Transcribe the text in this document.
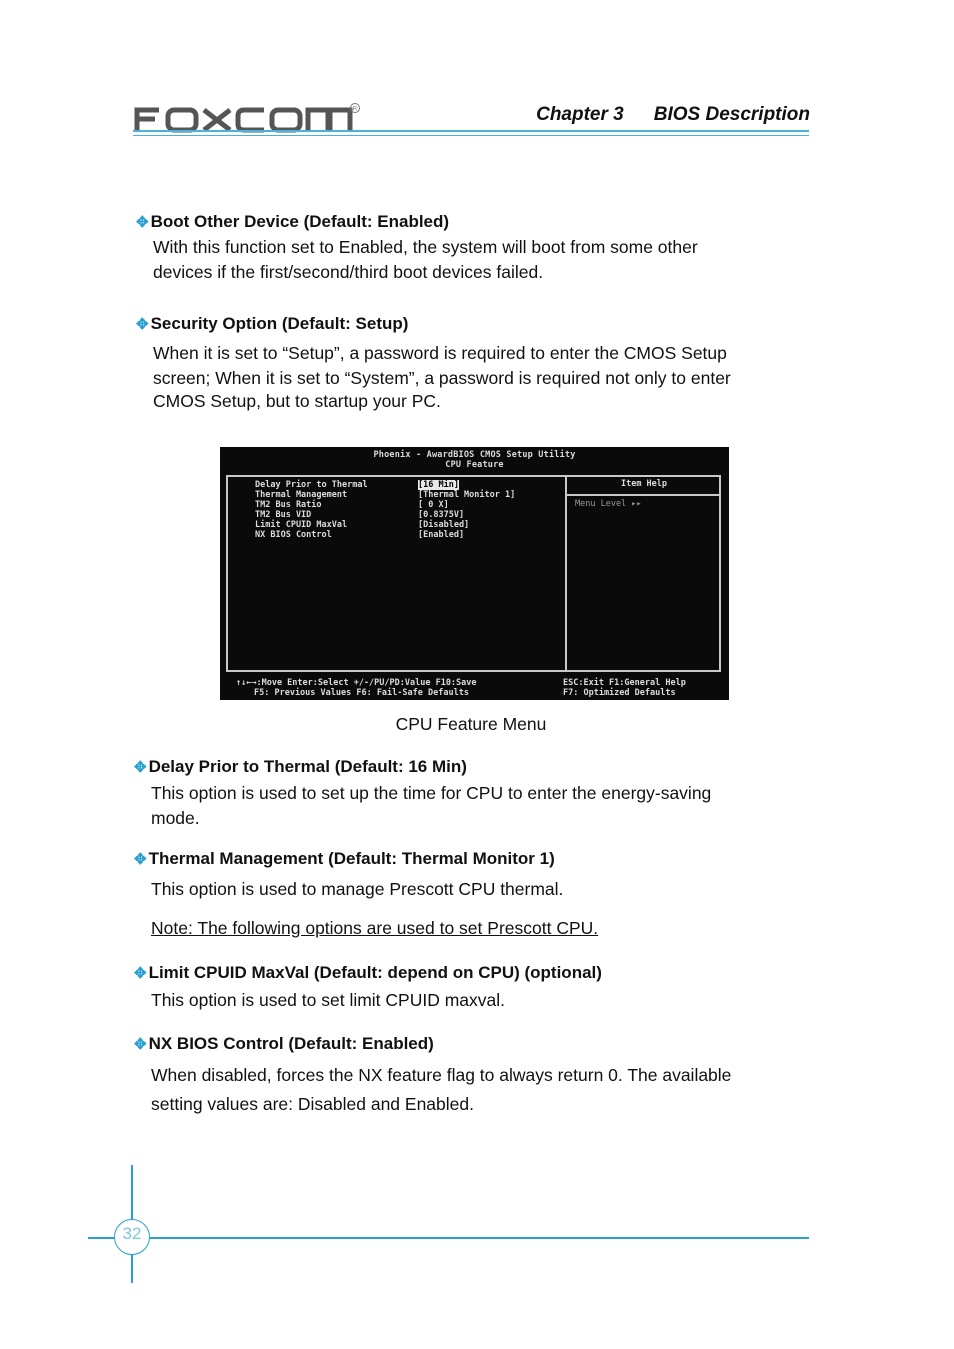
R	Chapter 3 BIOS Description
✥ Boot Other Device (Default: Enabled)
With this function set to Enabled, the system will boot from some other
devices if the first/second/third boot devices failed.
✥ Security Option (Default: Setup)
When it is set to “Setup”, a password is required to enter the CMOS Setup
screen; When it is set to “System”, a password is required not only to enter
CMOS Setup, but to startup your PC.
Phoenix - AwardBIOS CMOS Setup Utility
CPU Feature
Item Help
Menu Level ▸▸
Delay Prior to Thermal	[16 Min]
Thermal Management	[Thermal Monitor 1]
TM2 Bus Ratio	[ 0 X]
TM2 Bus VID	[0.8375V]
Limit CPUID MaxVal	[Disabled]
NX BIOS Control	[Enabled]
↑↓←→:Move Enter:Select +/-/PU/PD:Value F10:Save	ESC:Exit F1:General Help
F5: Previous Values F6: Fail-Safe Defaults	F7: Optimized Defaults
CPU Feature Menu
✥ Delay Prior to Thermal (Default: 16 Min)
This option is used to set up the time for CPU to enter the energy-saving
mode.
✥ Thermal Management (Default: Thermal Monitor 1)
This option is used to manage Prescott CPU thermal.
Note: The following options are used to set Prescott CPU.
✥ Limit CPUID MaxVal (Default: depend on CPU) (optional)
This option is used to set limit CPUID maxval.
✥ NX BIOS Control (Default: Enabled)
When disabled, forces the NX feature flag to always return 0. The available
setting values are: Disabled and Enabled.
32
